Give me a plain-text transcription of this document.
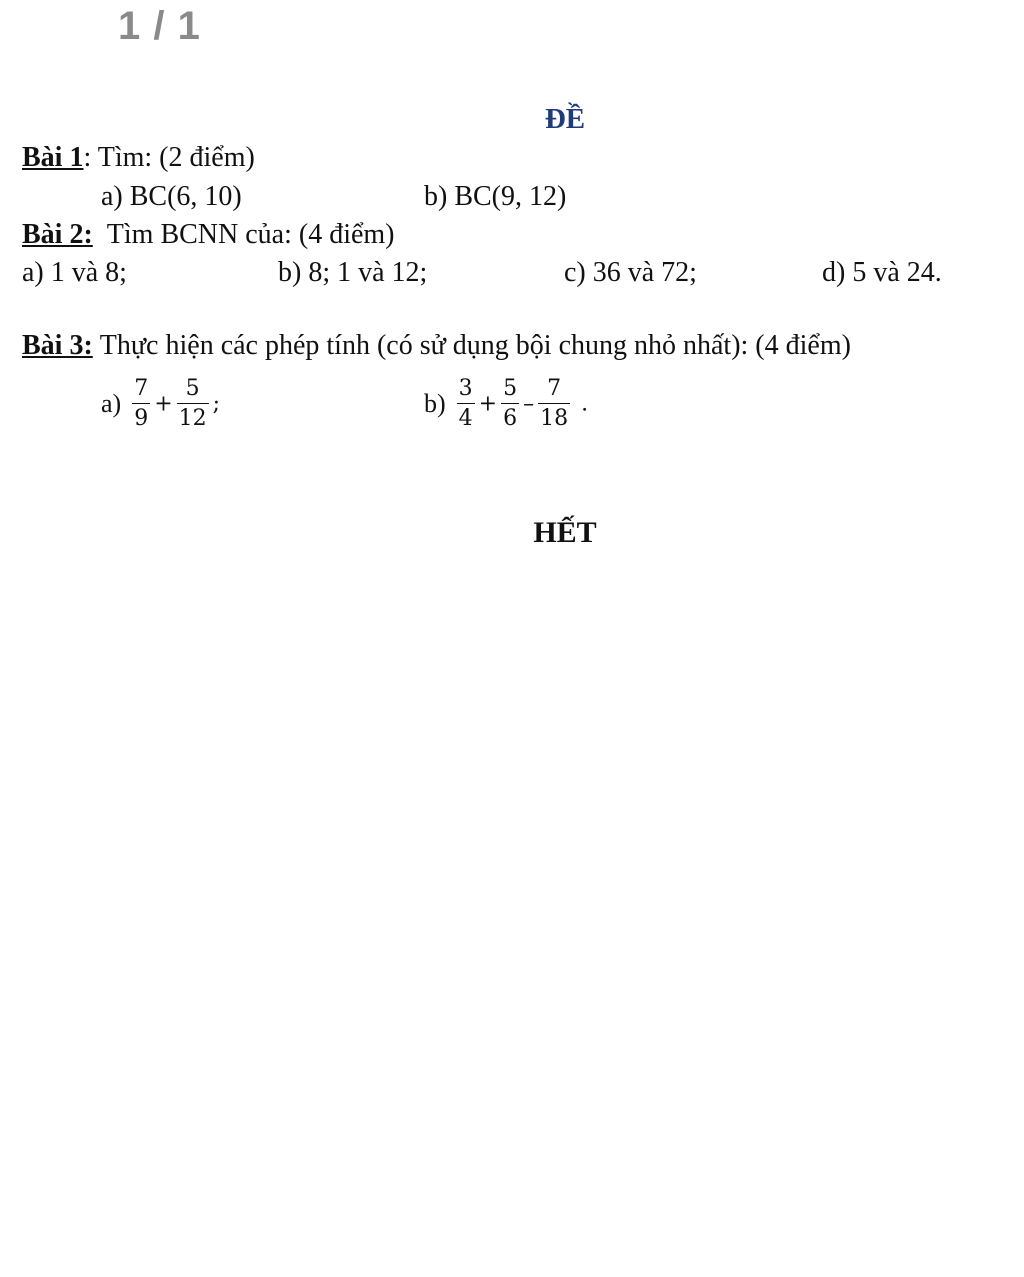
1 / 1
ĐỀ
Bài 1: Tìm: (2 điểm)
a) BC(6, 10)	b) BC(9, 12)
Bài 2: Tìm BCNN của: (4 điểm)
a) 1 và 8;	b) 8; 1 và 12;	c) 36 và 72;	d) 5 và 24.
Bài 3: Thực hiện các phép tính (có sử dụng bội chung nhỏ nhất): (4 điểm)
$a) \frac{7}{9} + \frac{5}{12}$ ;	$b) \frac{3}{4} + \frac{5}{6} - \frac{7}{18}$ .
HẾT
